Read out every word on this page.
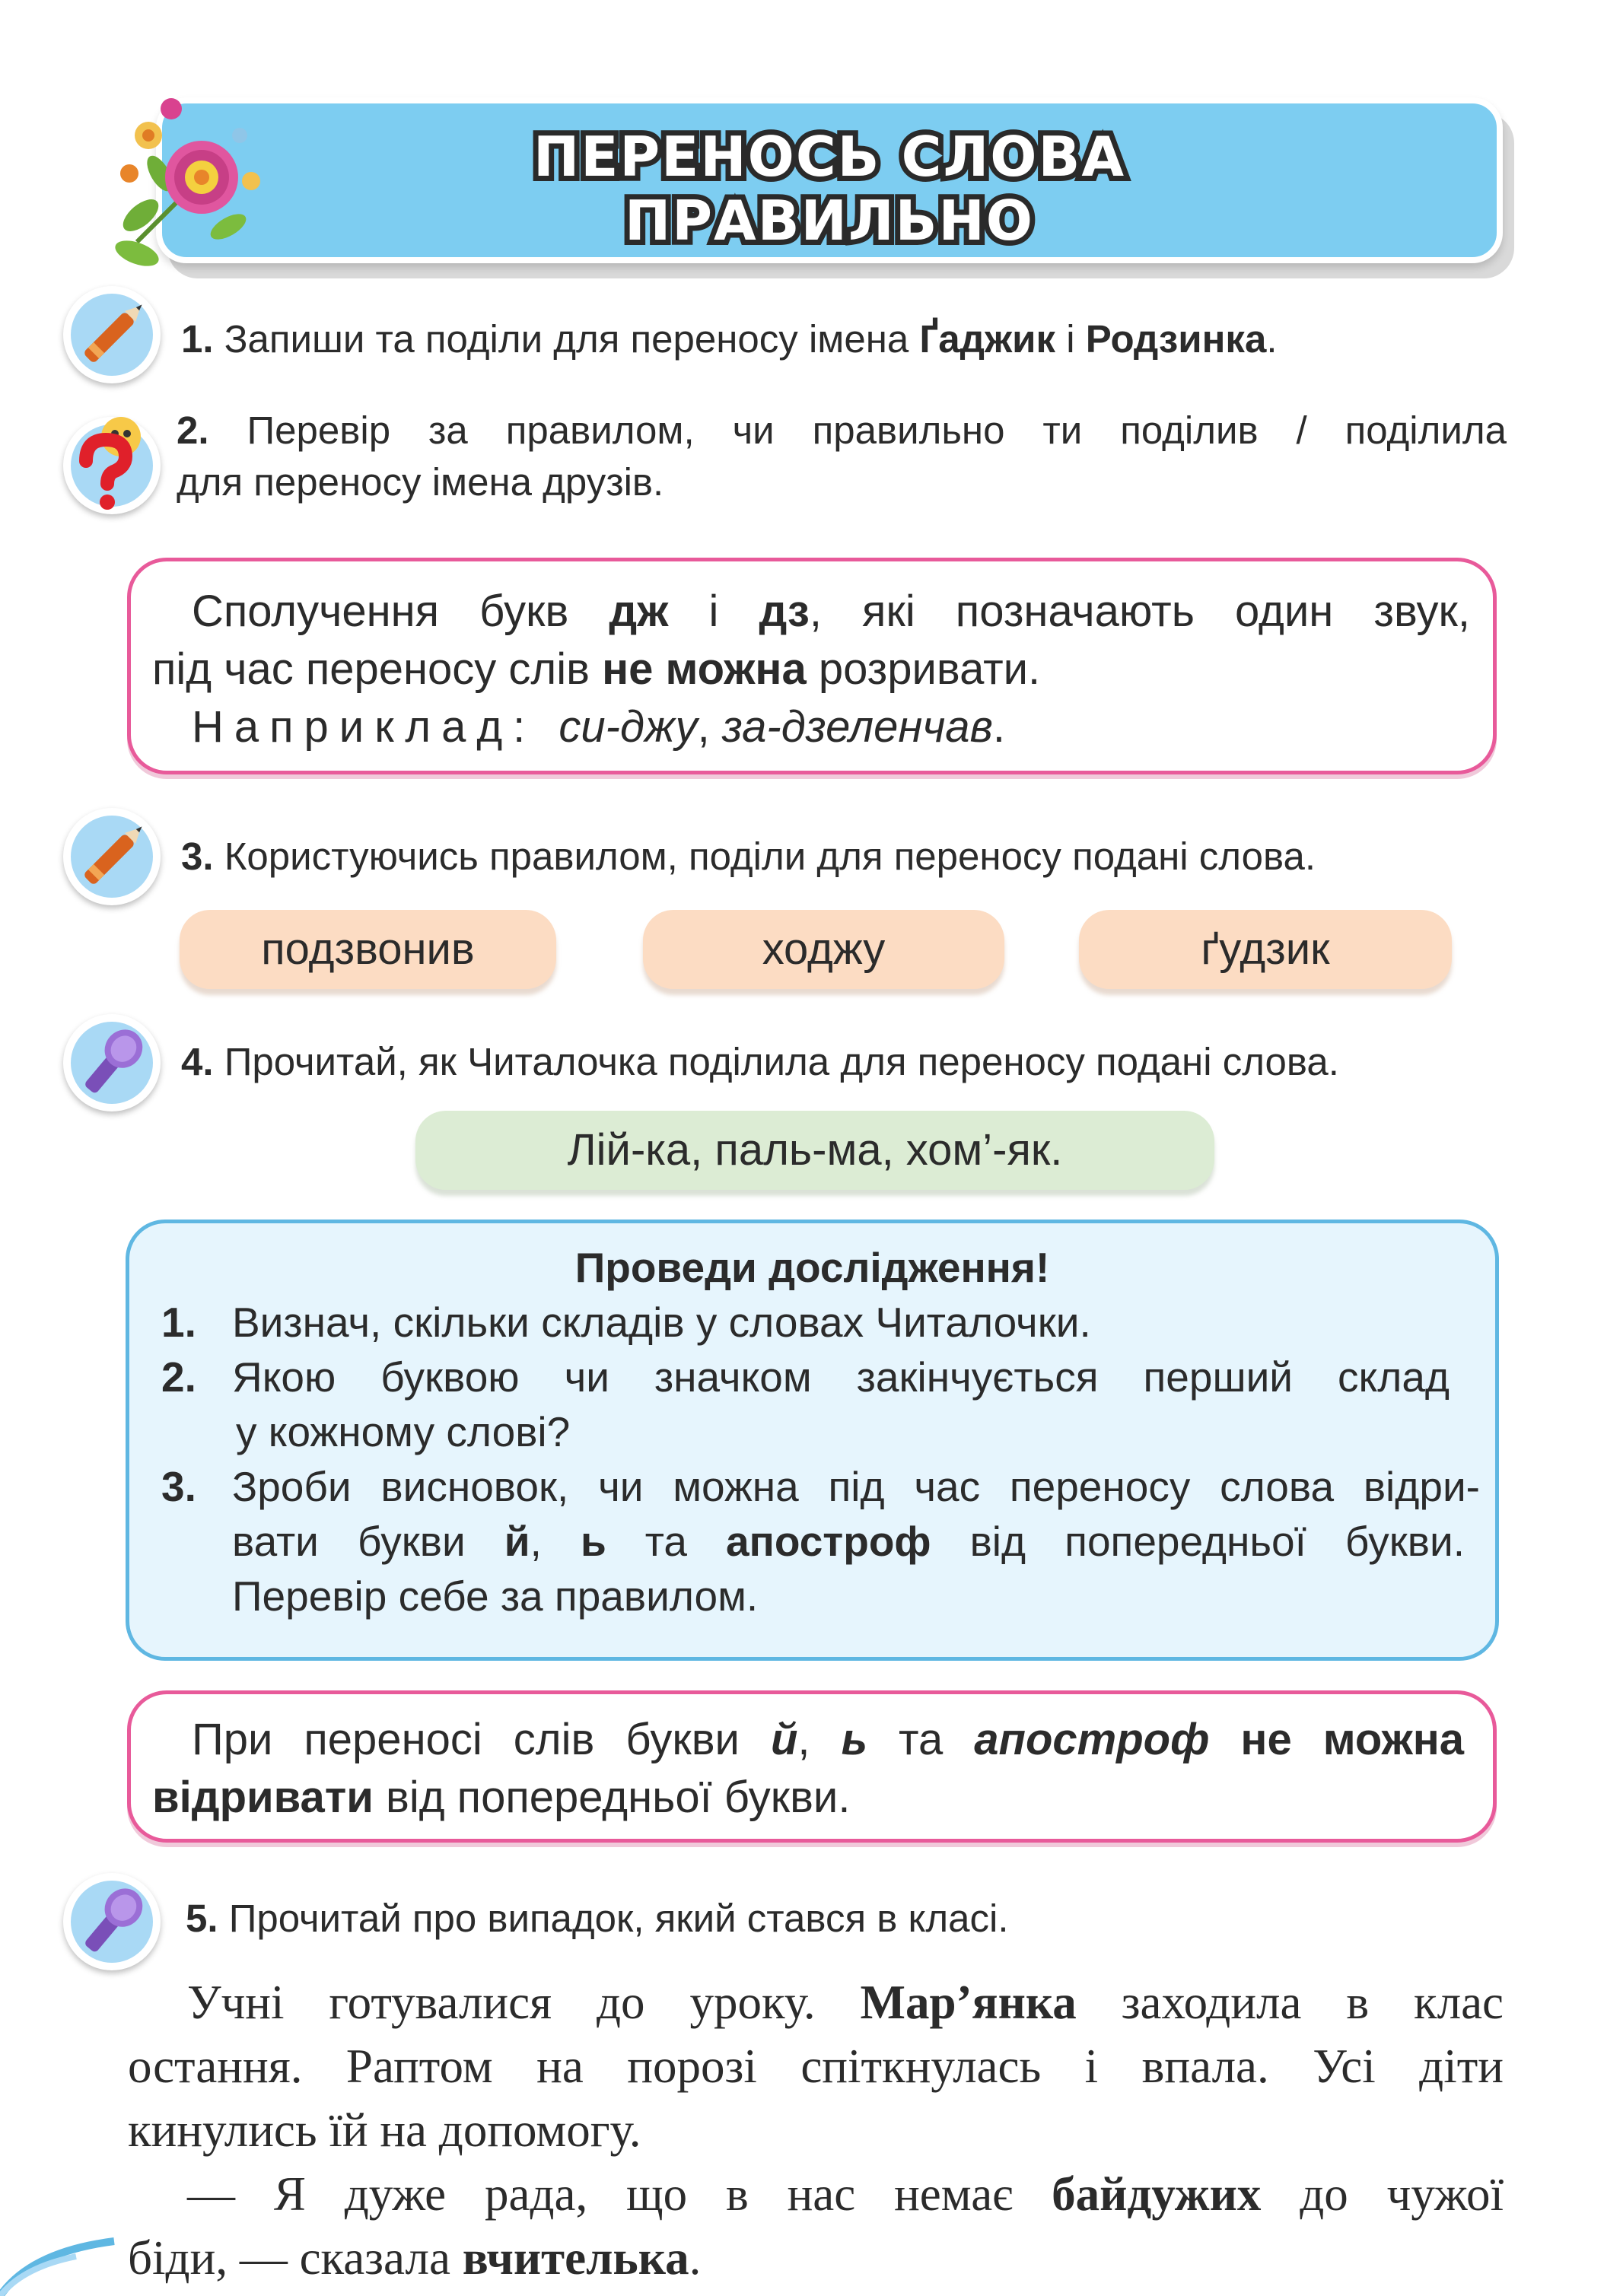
ПЕРЕНОСЬ СЛОВА
ПРАВИЛЬНО
1. Запиши та поділи для переносу імена Ґаджик і Родзинка.
2. Перевір за правилом, чи правильно ти поділив / поділила
для переносу імена друзів.
Сполучення букв дж і дз, які позначають один звук,
під час переносу слів не можна розривати.
Наприклад: си-джу, за-дзеленчав.
3. Користуючись правилом, поділи для переносу подані слова.
подзвонив	ходжу	ґудзик
4. Прочитай, як Читалочка поділила для переносу подані слова.
Лій-ка, паль-ма, хом’-як.
Проведи дослідження!
1. Визнач, скільки складів у словах Читалочки.
2. Якою буквою чи значком закінчується перший склад
у кожному слові?
3. Зроби висновок, чи можна під час переносу слова відри-
вати букви й, ь та апостроф від попередньої букви.
Перевір себе за правилом.
При переносі слів букви й, ь та апостроф не можна
відривати від попередньої букви.
5. Прочитай про випадок, який стався в класі.
Учні готувалися до уроку. Мар’янка заходила в клас
остання. Раптом на порозі спіткнулась і впала. Усі діти
кинулись їй на допомогу.
— Я дуже рада, що в нас немає байдужих до чужої
біди, — сказала вчителька.
